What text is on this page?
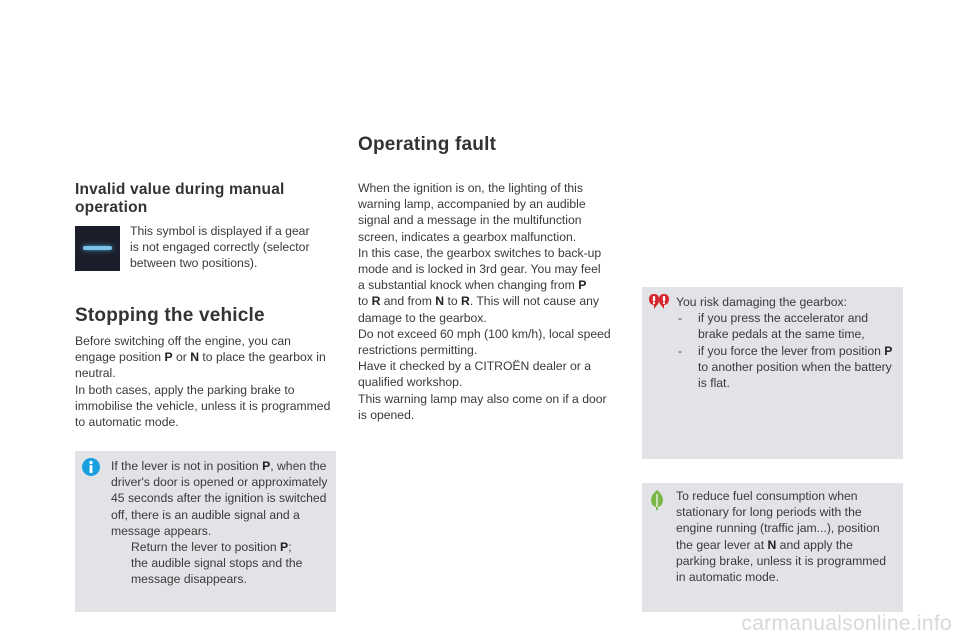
Invalid value during manual operation

This symbol is displayed if a gear

is not engaged correctly (selector

between two positions).

Stopping the vehicle

Before switching off the engine, you can

engage position P or N to place the gearbox in

neutral.

In both cases, apply the parking brake to

immobilise the vehicle, unless it is programmed

to automatic mode.

If the lever is not in position P, when the

driver's door is opened or approximately

45 seconds after the ignition is switched

off, there is an audible signal and a

message appears.

Return the lever to position P;

the audible signal stops and the

message disappears.

Operating fault

When the ignition is on, the lighting of this

warning lamp, accompanied by an audible

signal and a message in the multifunction

screen, indicates a gearbox malfunction.

In this case, the gearbox switches to back-up

mode and is locked in 3rd gear. You may feel

a substantial knock when changing from P

to R and from N to R. This will not cause any

damage to the gearbox.

Do not exceed 60 mph (100 km/h), local speed

restrictions permitting.

Have it checked by a CITROËN dealer or a

qualified workshop.

This warning lamp may also come on if a door

is opened.

You risk damaging the gearbox:

- if you press the accelerator and

brake pedals at the same time,

- if you force the lever from position P

to another position when the battery

is flat.

To reduce fuel consumption when

stationary for long periods with the

engine running (traffic jam...), position

the gear lever at N and apply the

parking brake, unless it is programmed

in automatic mode.

carmanualsonline.info
